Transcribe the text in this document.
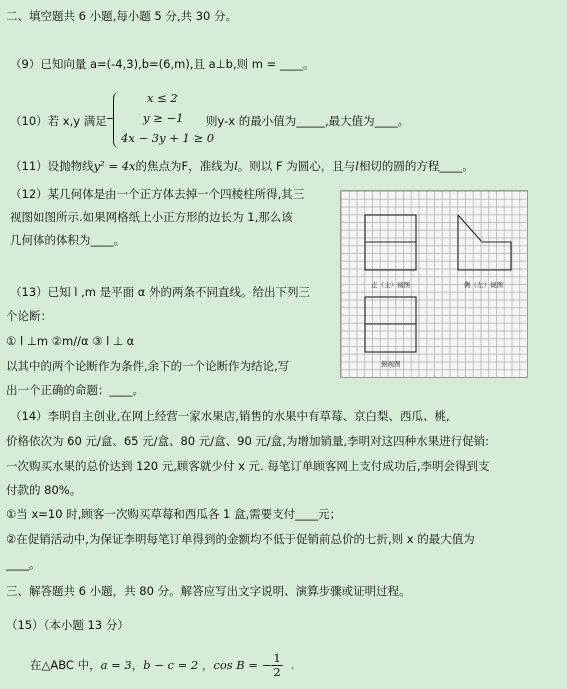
二、填空题共 6 小题,每小题 5 分,共 30 分。
（9）已知向量 a=(-4,3),b=(6,m),且 a⊥b,则 m = ____。
（10）若 x,y 满足
x ≤ 2
y ≥ −1
4x − 3y + 1 ≥ 0
则y-x 的最小值为_____,最大值为____。
（11）设抛物线y² = 4x的焦点为F，准线为l。则以 F 为圆心，且与l相切的圆的方程____。
（12）某几何体是由一个正方体去掉一个四棱柱所得,其三
视图如图所示.如果网格纸上小正方形的边长为 1,那么该
几何体的体积为____。
（13）已知 l ,m 是平面 α 外的两条不同直线。给出下列三
个论断：
① l ⊥m ②m//α ③ l ⊥ α
以其中的两个论断作为条件,余下的一个论断作为结论,写
出一个正确的命题：____。
正（主）视图	侧（左）视图
俯视图
（14）李明自主创业,在网上经营一家水果店,销售的水果中有草莓、京白梨、西瓜、桃,
价格依次为 60 元/盒、65 元/盒、80 元/盒、90 元/盒,为增加销量,李明对这四种水果进行促销:
一次购买水果的总价达到 120 元,顾客就少付 x 元. 每笔订单顾客网上支付成功后,李明会得到支
付款的 80%。
①当 x=10 时,顾客一次购买草莓和西瓜各 1 盒,需要支付____元；
②在促销活动中,为保证李明每笔订单得到的金额均不低于促销前总价的七折,则 x 的最大值为
____。
三、解答题共 6 小题，共 80 分。解答应写出文字说明、演算步骤或证明过程。
（15）（本小题 13 分）
在△ABC 中， a = 3 ， b − c = 2 ， cos B = − $\frac{1}{2}$ .
